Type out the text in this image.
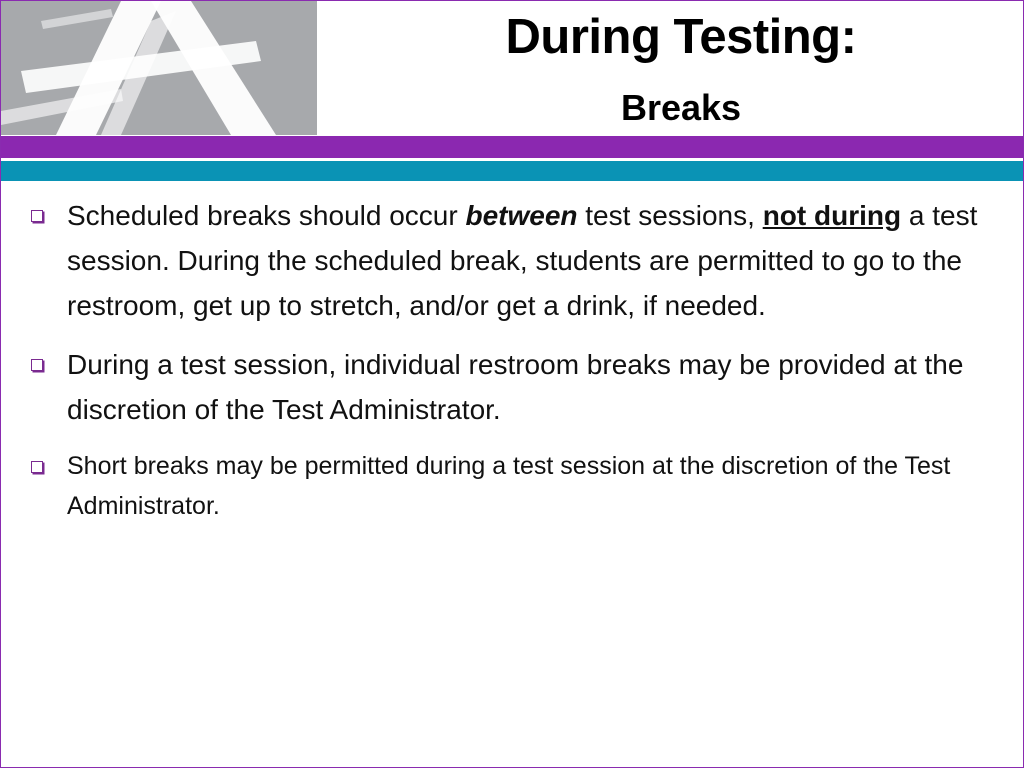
During Testing:
Breaks
Scheduled breaks should occur between test sessions, not during a test session. During the scheduled break, students are permitted to go to the restroom, get up to stretch, and/or get a drink, if needed.
During a test session, individual restroom breaks may be provided at the discretion of the Test Administrator.
Short breaks may be permitted during a test session at the discretion of the Test Administrator.
